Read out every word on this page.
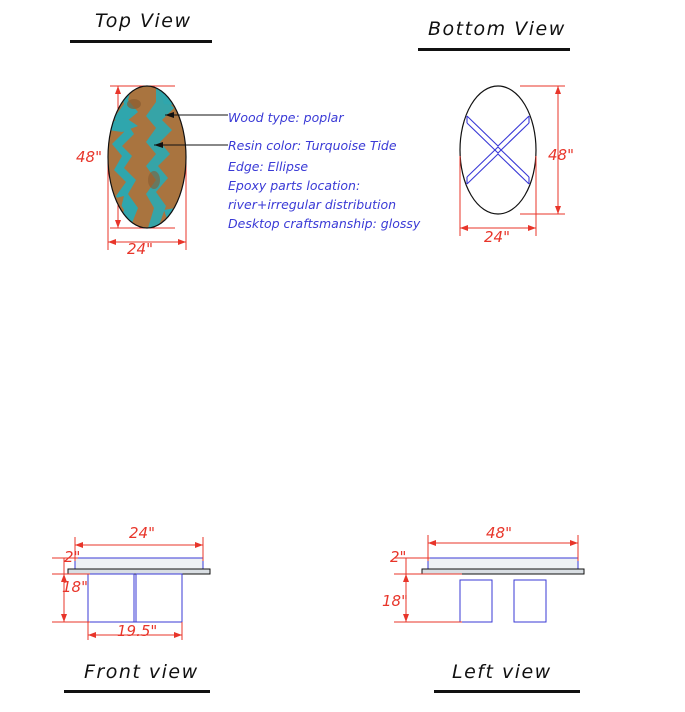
Top View
48"
24"
Wood type: poplar
Resin color: Turquoise Tide
Edge: Ellipse
Epoxy parts location:
river+irregular distribution
Desktop craftsmanship: glossy
Bottom View
48"
24"
24"
2"
18"
19.5"
Front view
48"
2"
18"
Left view
